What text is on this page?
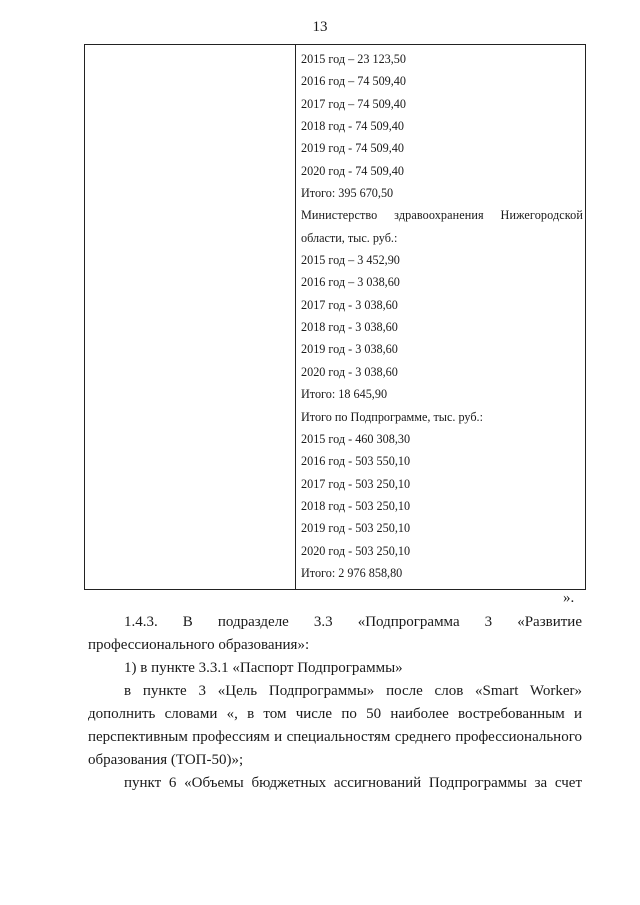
13

2015 год – 23 123,50
2016 год – 74 509,40
2017 год – 74 509,40
2018 год - 74 509,40
2019 год - 74 509,40
2020 год - 74 509,40
Итого: 395 670,50
Министерство здравоохранения Нижегородской
области, тыс. руб.:
2015 год – 3 452,90
2016 год – 3 038,60
2017 год - 3 038,60
2018 год - 3 038,60
2019 год - 3 038,60
2020 год - 3 038,60
Итого: 18 645,90
Итого по Подпрограмме, тыс. руб.:
2015 год - 460 308,30
2016 год - 503 550,10
2017 год - 503 250,10
2018 год - 503 250,10
2019 год - 503 250,10
2020 год - 503 250,10
Итого: 2 976 858,80
».

1.4.3. В подразделе 3.3 «Подпрограмма 3 «Развитие профессионального образования»:

1) в пункте 3.3.1 «Паспорт Подпрограммы»

в пункте 3 «Цель Подпрограммы» после слов «Smart Worker» дополнить словами «, в том числе по 50 наиболее востребованным и перспективным профессиям и специальностям среднего профессионального образования (ТОП-50)»;

пункт 6 «Объемы бюджетных ассигнований Подпрограммы за счет
